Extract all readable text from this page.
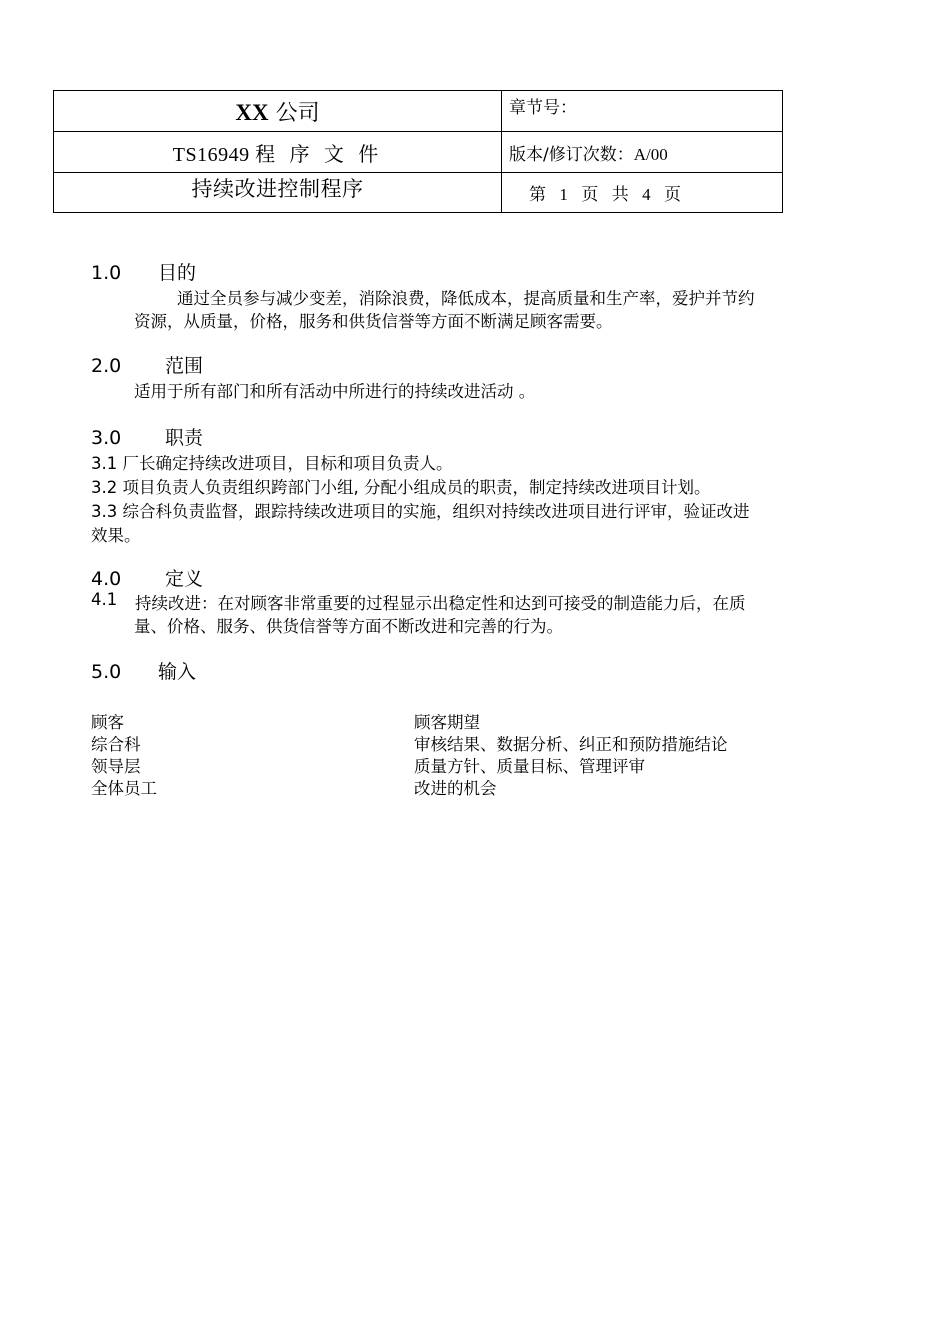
XX 公司	章节号：
TS16949 程 序 文 件	版本/修订次数：A/00
持续改进控制程序	第 1 页 共 4 页
1.0 目的
通过全员参与减少变差，消除浪费，降低成本，提高质量和生产率，爱护并节约
资源，从质量，价格，服务和供货信誉等方面不断满足顾客需要。
2.0 范围
适用于所有部门和所有活动中所进行的持续改进活动 。
3.0 职责
3.1 厂长确定持续改进项目，目标和项目负责人。
3.2 项目负责人负责组织跨部门小组, 分配小组成员的职责，制定持续改进项目计划。
3.3 综合科负责监督，跟踪持续改进项目的实施，组织对持续改进项目进行评审，验证改进
效果。
4.0 定义
4.1 持续改进：在对顾客非常重要的过程显示出稳定性和达到可接受的制造能力后，在质
量、价格、服务、供货信誉等方面不断改进和完善的行为。
5.0 输入
顾客	顾客期望
综合科	审核结果、数据分析、纠正和预防措施结论
领导层	质量方针、质量目标、管理评审
全体员工	改进的机会
